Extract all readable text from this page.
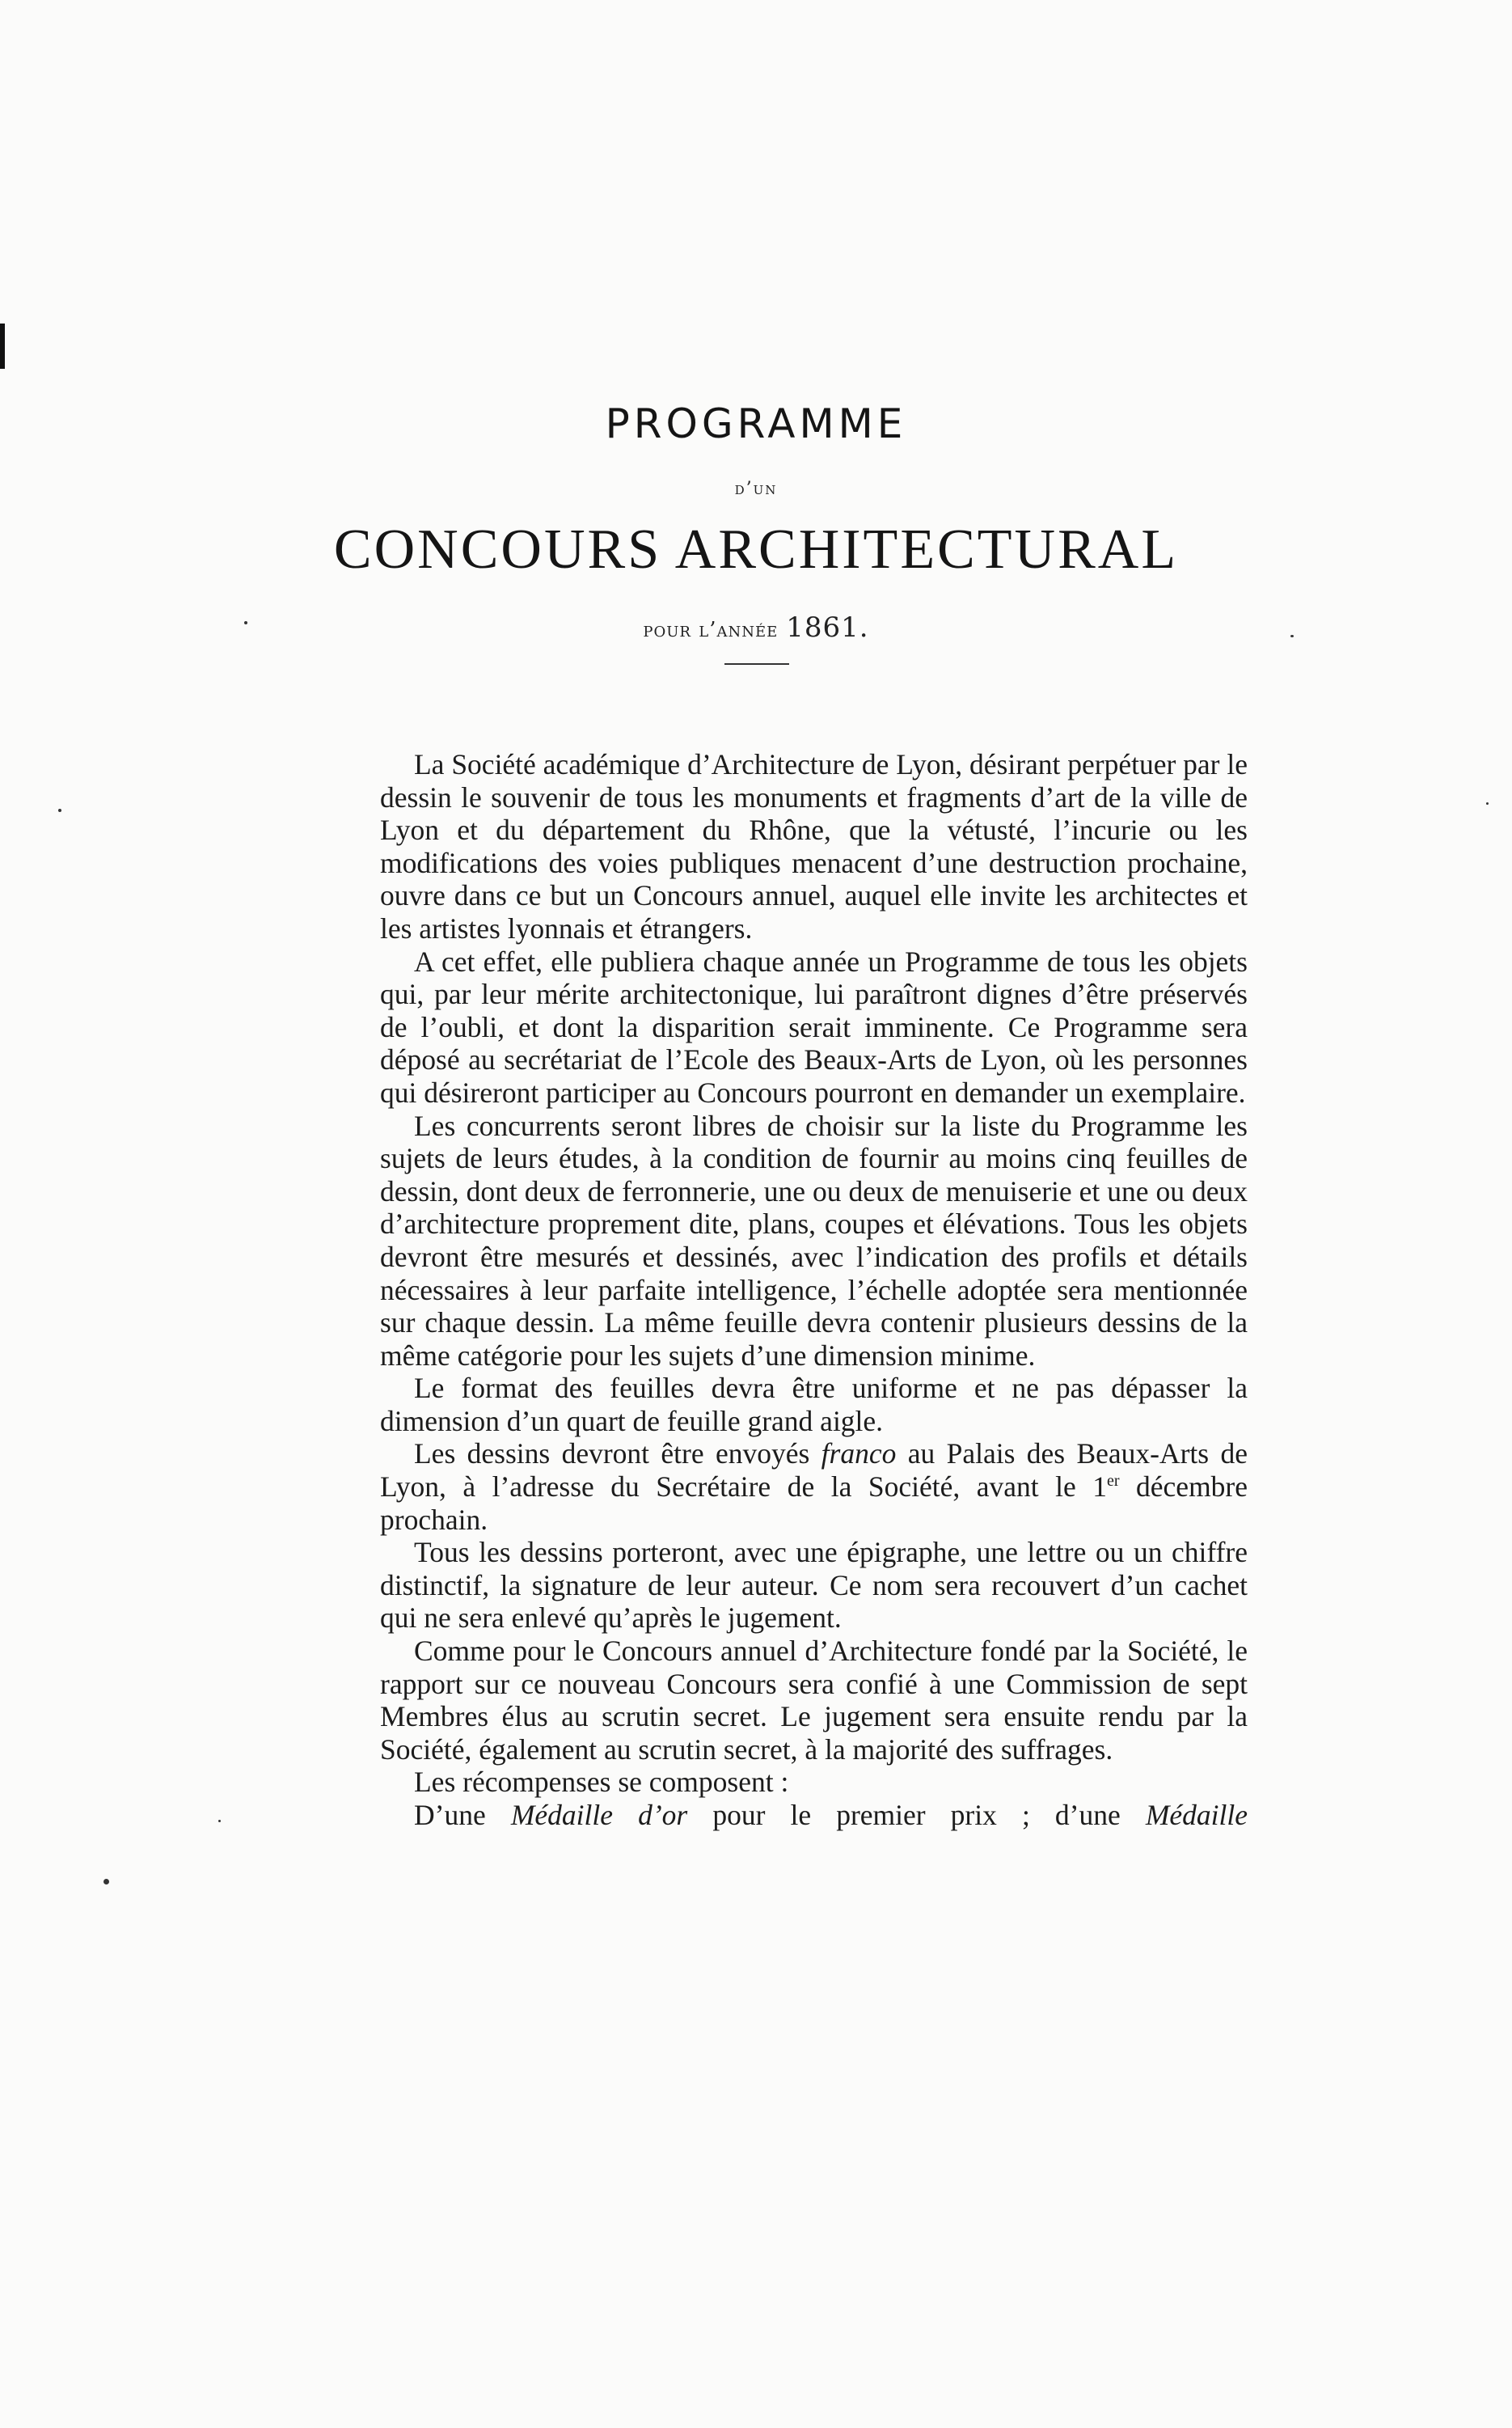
PROGRAMME
d’un
CONCOURS ARCHITECTURAL
pour l’année 1861.

La Société académique d’Architecture de Lyon, désirant perpétuer par le dessin le souvenir de tous les monuments et fragments d’art de la ville de Lyon et du département du Rhône, que la vétusté, l’incurie ou les modifications des voies publiques menacent d’une destruction prochaine, ouvre dans ce but un Concours annuel, auquel elle invite les architectes et les artistes lyonnais et étrangers.

A cet effet, elle publiera chaque année un Programme de tous les objets qui, par leur mérite architectonique, lui paraîtront dignes d’être préservés de l’oubli, et dont la disparition serait imminente. Ce Programme sera déposé au secrétariat de l’Ecole des Beaux-Arts de Lyon, où les personnes qui désireront participer au Concours pourront en demander un exemplaire.

Les concurrents seront libres de choisir sur la liste du Programme les sujets de leurs études, à la condition de fournir au moins cinq feuilles de dessin, dont deux de ferronnerie, une ou deux de menuiserie et une ou deux d’architecture proprement dite, plans, coupes et élévations. Tous les objets devront être mesurés et dessinés, avec l’indication des profils et détails nécessaires à leur parfaite intelligence, l’échelle adoptée sera mentionnée sur chaque dessin. La même feuille devra contenir plusieurs dessins de la même catégorie pour les sujets d’une dimension minime.

Le format des feuilles devra être uniforme et ne pas dépasser la dimension d’un quart de feuille grand aigle.

Les dessins devront être envoyés franco au Palais des Beaux-Arts de Lyon, à l’adresse du Secrétaire de la Société, avant le 1er décembre prochain.

Tous les dessins porteront, avec une épigraphe, une lettre ou un chiffre distinctif, la signature de leur auteur. Ce nom sera recouvert d’un cachet qui ne sera enlevé qu’après le jugement.

Comme pour le Concours annuel d’Architecture fondé par la Société, le rapport sur ce nouveau Concours sera confié à une Commission de sept Membres élus au scrutin secret. Le jugement sera ensuite rendu par la Société, également au scrutin secret, à la majorité des suffrages.

Les récompenses se composent :

D’une Médaille d’or pour le premier prix ; d’une Médaille
